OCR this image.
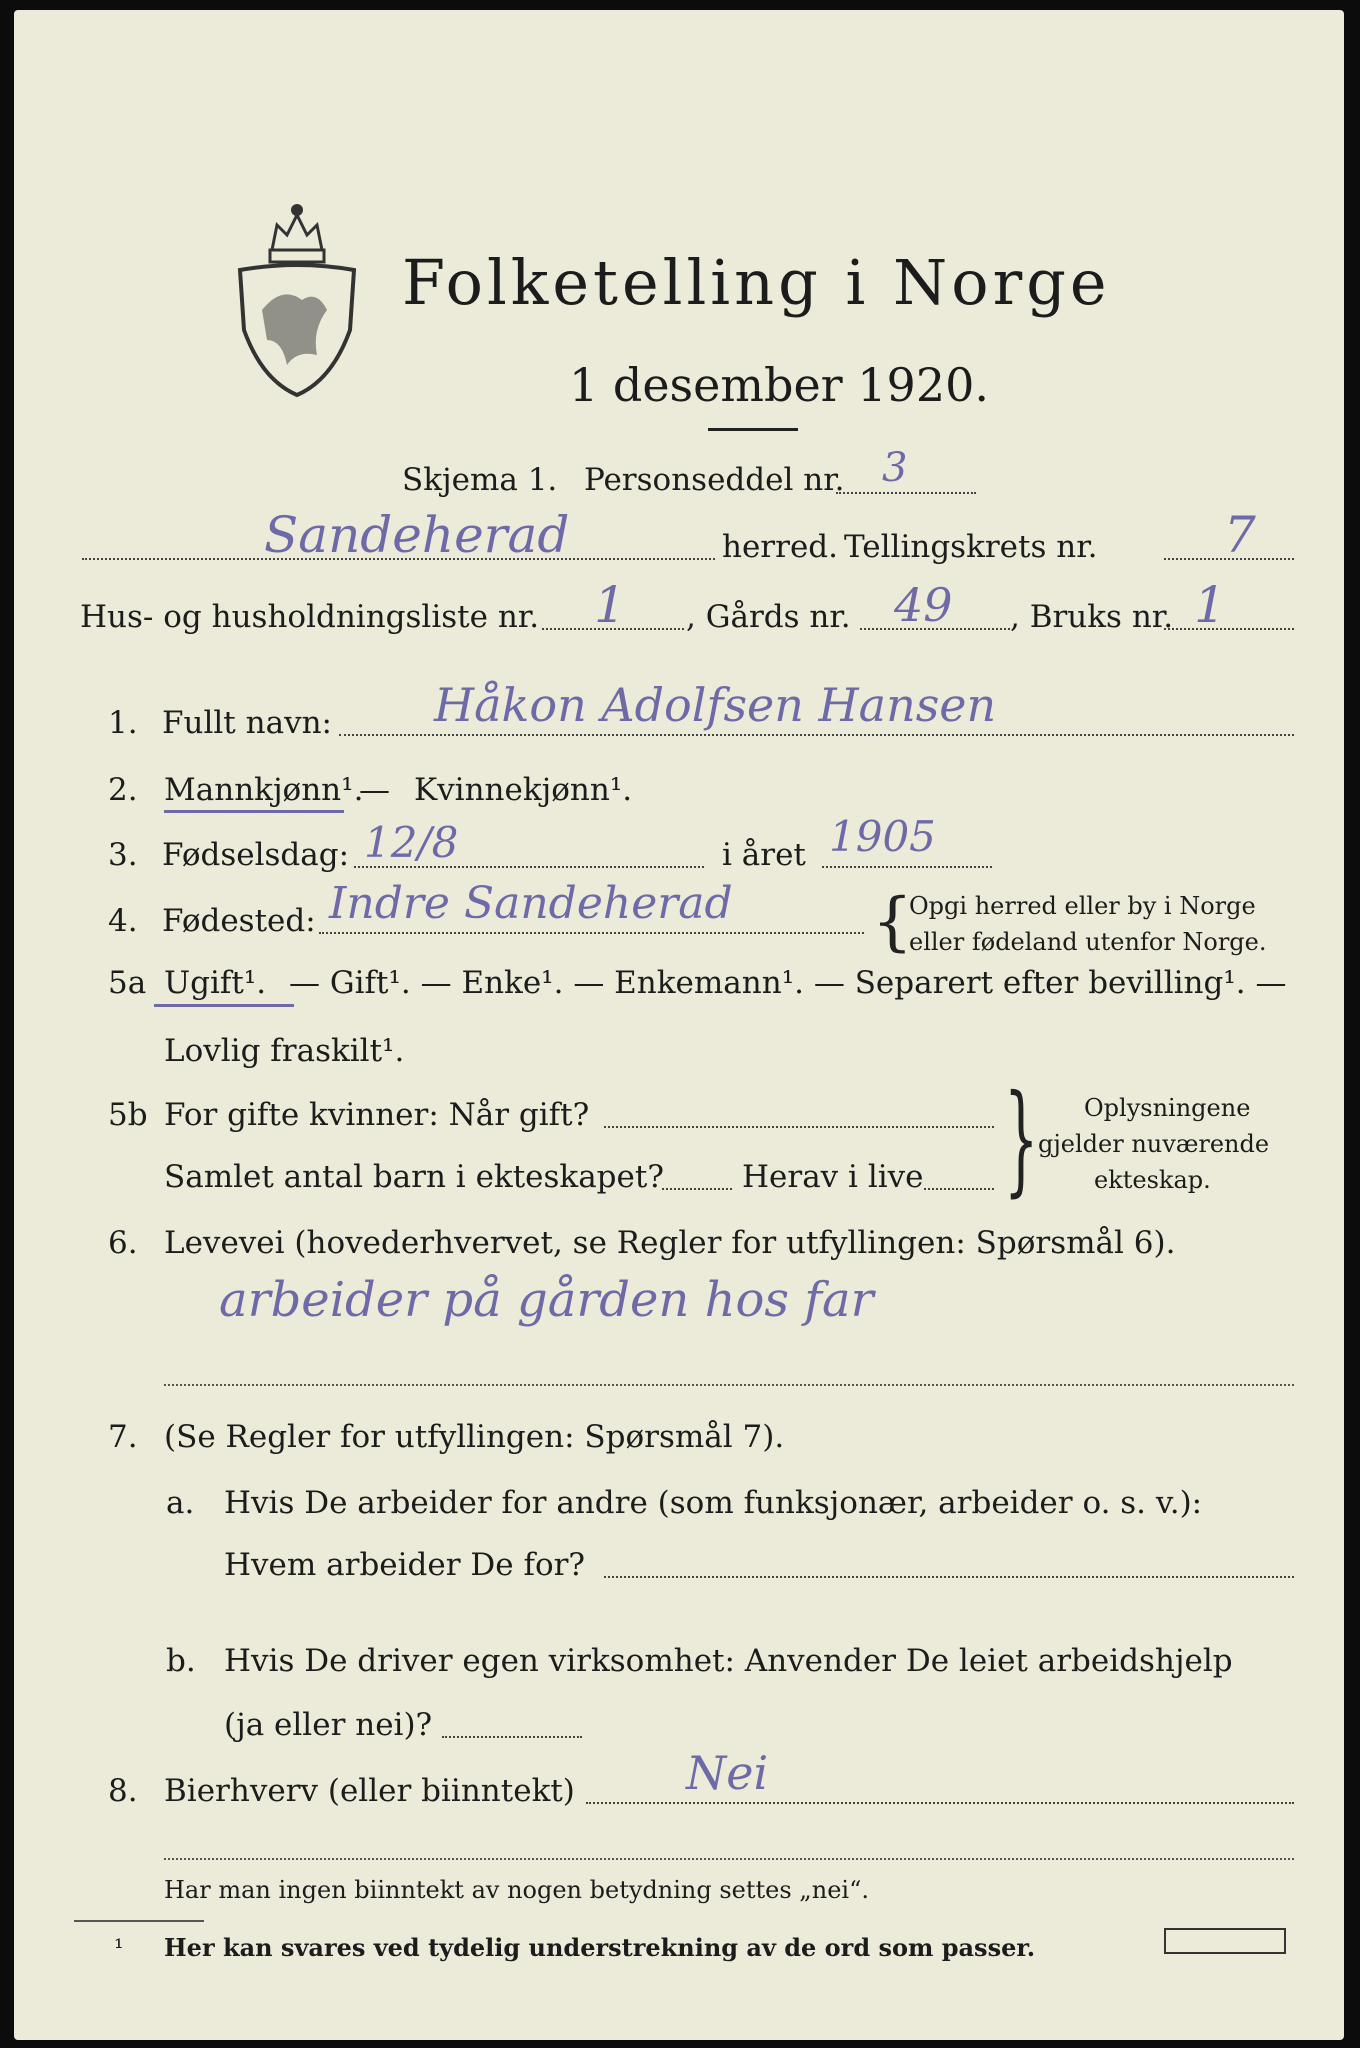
Folketelling i Norge
1 desember 1920.
Skjema 1. Personseddel nr. 3
Sandeherad	herred. Tellingskrets nr.	7
Hus- og husholdningsliste nr. 1 , Gårds nr. 49 , Bruks nr. 1
1. Fullt navn: Håkon Adolfsen Hansen
2. Mannkjønn¹.
— Kvinnekjønn¹.
3. Fødselsdag: 12/8	i året 1905
4. Fødested: Indre Sandeherad {
Opgi herred eller by i Norge
eller fødeland utenfor Norge.
5a Ugift¹. — Gift¹. — Enke¹. — Enkemann¹. — Separert efter bevilling¹. —
Lovlig fraskilt¹.
5b For gifte kvinner: Når gift?
Samlet antal barn i ekteskapet?	Herav i live } Oplysningene
gjelder nuværende
ekteskap.
6. Levevei (hovederhvervet, se Regler for utfyllingen: Spørsmål 6).
arbeider på gården hos far
7. (Se Regler for utfyllingen: Spørsmål 7).
a. Hvis De arbeider for andre (som funksjonær, arbeider o. s. v.):
Hvem arbeider De for?
b. Hvis De driver egen virksomhet: Anvender De leiet arbeidshjelp
(ja eller nei)?
8. Bierhverv (eller biinntekt) Nei
Har man ingen biinntekt av nogen betydning settes „nei“.
¹ Her kan svares ved tydelig understrekning av de ord som passer.
